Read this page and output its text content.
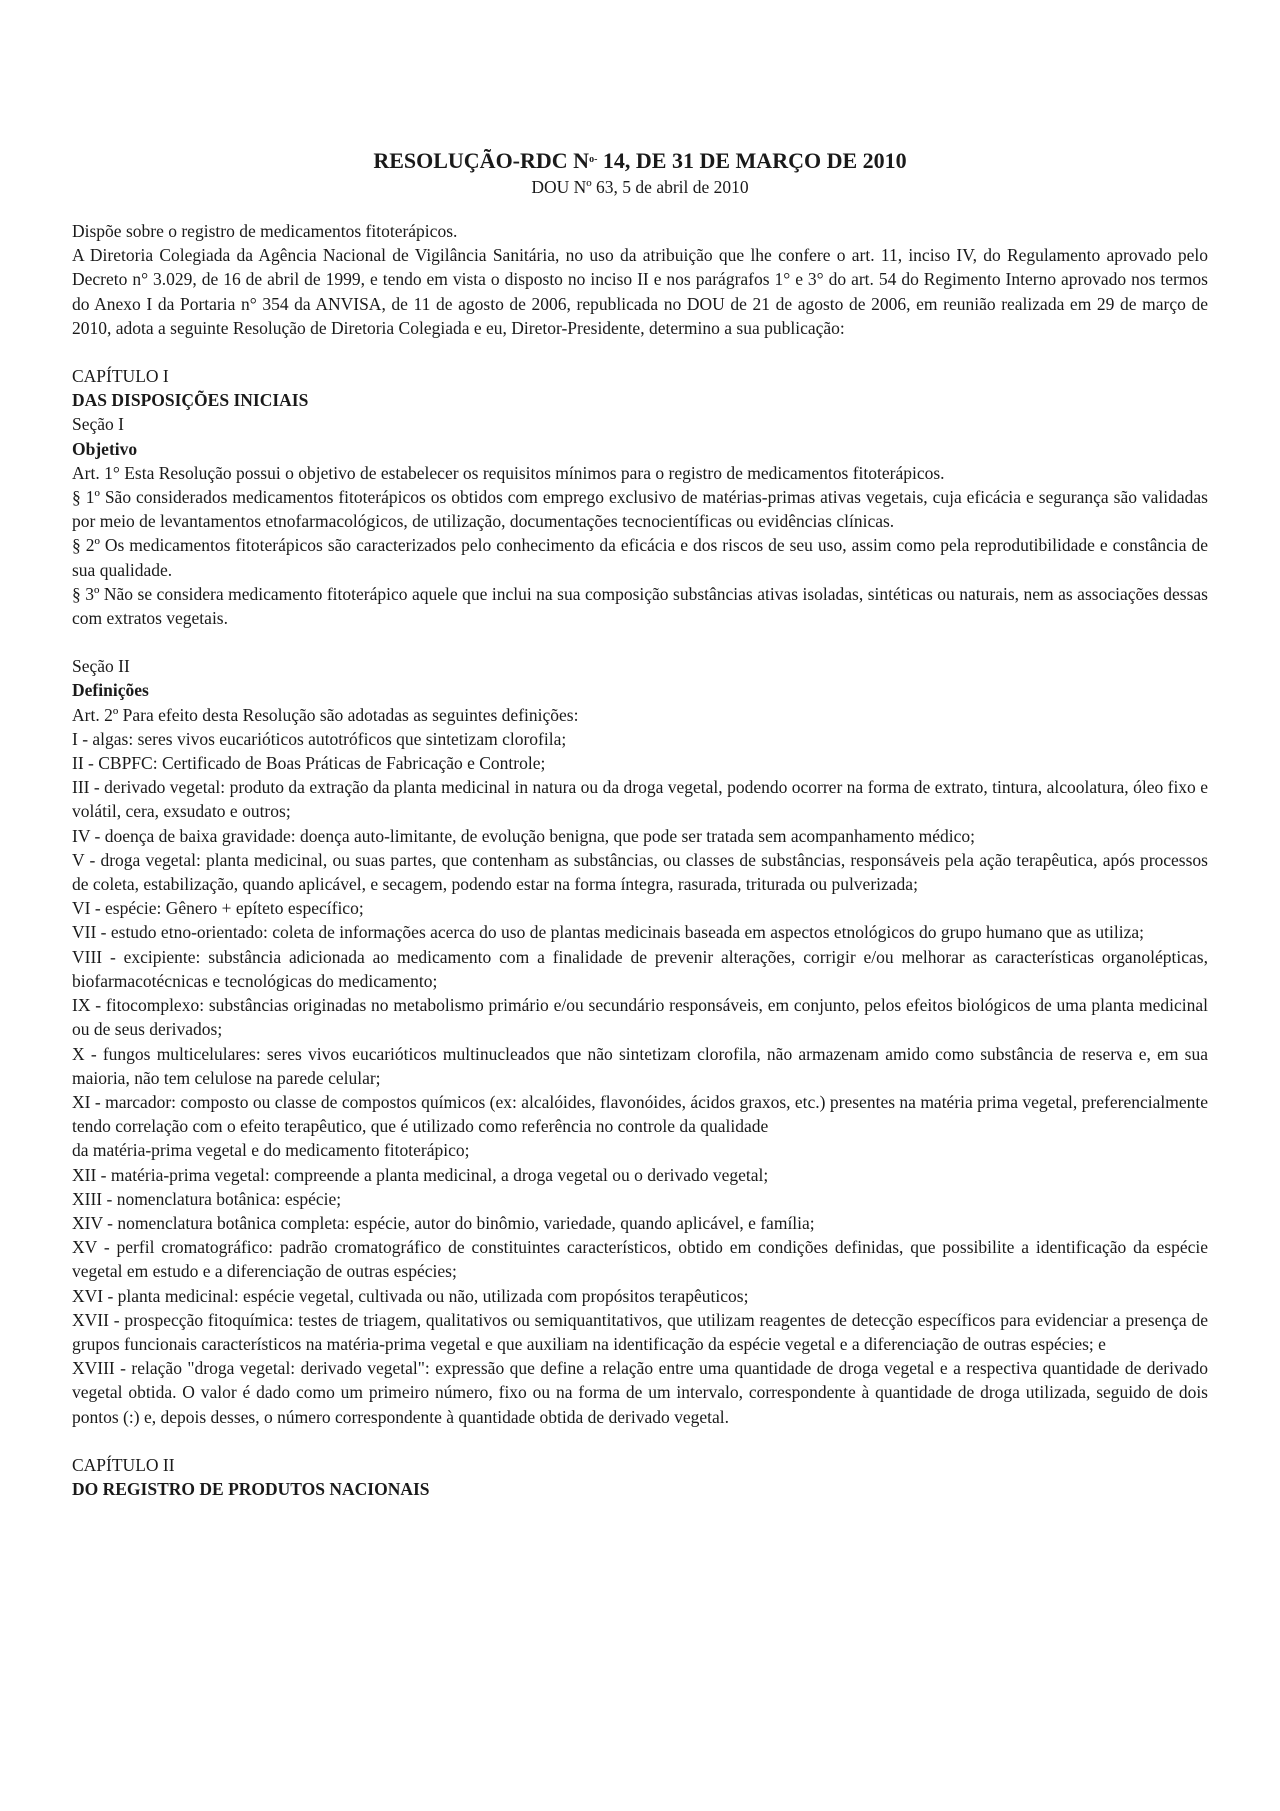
RESOLUÇÃO-RDC $N^{o-}$ 14, DE 31 DE MARÇO DE 2010
DOU Nº 63, 5 de abril de 2010

Dispõe sobre o registro de medicamentos fitoterápicos.

A Diretoria Colegiada da Agência Nacional de Vigilância Sanitária, no uso da atribuição que lhe confere o art. 11, inciso IV, do Regulamento aprovado pelo Decreto n° 3.029, de 16 de abril de 1999, e tendo em vista o disposto no inciso II e nos parágrafos 1° e 3° do art. 54 do Regimento Interno aprovado nos termos do Anexo I da Portaria n° 354 da ANVISA, de 11 de agosto de 2006, republicada no DOU de 21 de agosto de 2006, em reunião realizada em 29 de março de 2010, adota a seguinte Resolução de Diretoria Colegiada e eu, Diretor-Presidente, determino a sua publicação:

CAPÍTULO I

DAS DISPOSIÇÕES INICIAIS

Seção I

Objetivo

Art. 1° Esta Resolução possui o objetivo de estabelecer os requisitos mínimos para o registro de medicamentos fitoterápicos.

§ 1º São considerados medicamentos fitoterápicos os obtidos com emprego exclusivo de matérias-primas ativas vegetais, cuja eficácia e segurança são validadas por meio de levantamentos etnofarmacológicos, de utilização, documentações tecnocientíficas ou evidências clínicas.

§ 2º Os medicamentos fitoterápicos são caracterizados pelo conhecimento da eficácia e dos riscos de seu uso, assim como pela reprodutibilidade e constância de sua qualidade.

§ 3º Não se considera medicamento fitoterápico aquele que inclui na sua composição substâncias ativas isoladas, sintéticas ou naturais, nem as associações dessas com extratos vegetais.

Seção II

Definições

Art. 2º Para efeito desta Resolução são adotadas as seguintes definições:

I - algas: seres vivos eucarióticos autotróficos que sintetizam clorofila;

II - CBPFC: Certificado de Boas Práticas de Fabricação e Controle;

III - derivado vegetal: produto da extração da planta medicinal in natura ou da droga vegetal, podendo ocorrer na forma de extrato, tintura, alcoolatura, óleo fixo e volátil, cera, exsudato e outros;

IV - doença de baixa gravidade: doença auto-limitante, de evolução benigna, que pode ser tratada sem acompanhamento médico;

V - droga vegetal: planta medicinal, ou suas partes, que contenham as substâncias, ou classes de substâncias, responsáveis pela ação terapêutica, após processos de coleta, estabilização, quando aplicável, e secagem, podendo estar na forma íntegra, rasurada, triturada ou pulverizada;

VI - espécie: Gênero + epíteto específico;

VII - estudo etno-orientado: coleta de informações acerca do uso de plantas medicinais baseada em aspectos etnológicos do grupo humano que as utiliza;

VIII - excipiente: substância adicionada ao medicamento com a finalidade de prevenir alterações, corrigir e/ou melhorar as características organolépticas, biofarmacotécnicas e tecnológicas do medicamento;

IX - fitocomplexo: substâncias originadas no metabolismo primário e/ou secundário responsáveis, em conjunto, pelos efeitos biológicos de uma planta medicinal ou de seus derivados;

X - fungos multicelulares: seres vivos eucarióticos multinucleados que não sintetizam clorofila, não armazenam amido como substância de reserva e, em sua maioria, não tem celulose na parede celular;

XI - marcador: composto ou classe de compostos químicos (ex: alcalóides, flavonóides, ácidos graxos, etc.) presentes na matéria prima vegetal, preferencialmente tendo correlação com o efeito terapêutico, que é utilizado como referência no controle da qualidade

da matéria-prima vegetal e do medicamento fitoterápico;

XII - matéria-prima vegetal: compreende a planta medicinal, a droga vegetal ou o derivado vegetal;

XIII - nomenclatura botânica: espécie;

XIV - nomenclatura botânica completa: espécie, autor do binômio, variedade, quando aplicável, e família;

XV - perfil cromatográfico: padrão cromatográfico de constituintes característicos, obtido em condições definidas, que possibilite a identificação da espécie vegetal em estudo e a diferenciação de outras espécies;

XVI - planta medicinal: espécie vegetal, cultivada ou não, utilizada com propósitos terapêuticos;

XVII - prospecção fitoquímica: testes de triagem, qualitativos ou semiquantitativos, que utilizam reagentes de detecção específicos para evidenciar a presença de grupos funcionais característicos na matéria-prima vegetal e que auxiliam na identificação da espécie vegetal e a diferenciação de outras espécies; e

XVIII - relação "droga vegetal: derivado vegetal": expressão que define a relação entre uma quantidade de droga vegetal e a respectiva quantidade de derivado vegetal obtida. O valor é dado como um primeiro número, fixo ou na forma de um intervalo, correspondente à quantidade de droga utilizada, seguido de dois pontos (:) e, depois desses, o número correspondente à quantidade obtida de derivado vegetal.

CAPÍTULO II

DO REGISTRO DE PRODUTOS NACIONAIS
